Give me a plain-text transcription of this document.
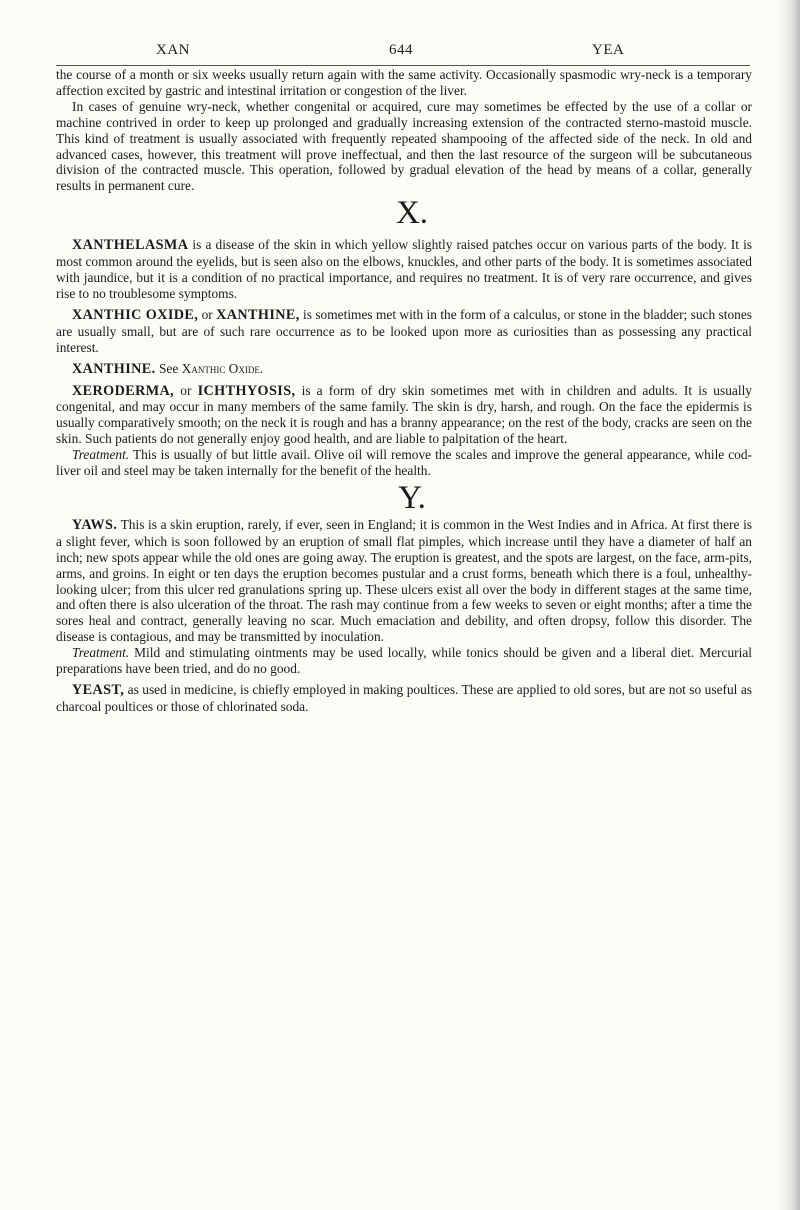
XAN	644	YEA

the course of a month or six weeks usually return again with the same activity. Occasionally spasmodic wry-neck is a temporary affection excited by gastric and intestinal irritation or congestion of the liver.

In cases of genuine wry-neck, whether congenital or acquired, cure may sometimes be effected by the use of a collar or machine contrived in order to keep up prolonged and gradually increasing extension of the contracted sterno-mastoid muscle. This kind of treatment is usually associated with frequently repeated shampooing of the affected side of the neck. In old and advanced cases, however, this treatment will prove ineffectual, and then the last resource of the surgeon will be subcutaneous division of the contracted muscle. This operation, followed by gradual elevation of the head by means of a collar, generally results in permanent cure.

X.

XANTHELASMA is a disease of the skin in which yellow slightly raised patches occur on various parts of the body. It is most common around the eyelids, but is seen also on the elbows, knuckles, and other parts of the body. It is sometimes associated with jaundice, but it is a condition of no practical importance, and requires no treatment. It is of very rare occurrence, and gives rise to no troublesome symptoms.

XANTHIC OXIDE, or XANTHINE, is sometimes met with in the form of a calculus, or stone in the bladder; such stones are usually small, but are of such rare occurrence as to be looked upon more as curiosities than as possessing any practical interest.

XANTHINE. See Xanthic Oxide.

XERODERMA, or ICHTHYOSIS, is a form of dry skin sometimes met with in children and adults. It is usually congenital, and may occur in many members of the same family. The skin is dry, harsh, and rough. On the face the epidermis is usually comparatively smooth; on the neck it is rough and has a branny appearance; on the rest of the body, cracks are seen on the skin. Such patients do not generally enjoy good health, and are liable to palpitation of the heart.

Treatment. This is usually of but little avail. Olive oil will remove the scales and improve the general appearance, while cod-liver oil and steel may be taken internally for the benefit of the health.

Y.

YAWS. This is a skin eruption, rarely, if ever, seen in England; it is common in the West Indies and in Africa. At first there is a slight fever, which is soon followed by an eruption of small flat pimples, which increase until they have a diameter of half an inch; new spots appear while the old ones are going away. The eruption is greatest, and the spots are largest, on the face, arm-pits, arms, and groins. In eight or ten days the eruption becomes pustular and a crust forms, beneath which there is a foul, unhealthy-looking ulcer; from this ulcer red granulations spring up. These ulcers exist all over the body in different stages at the same time, and often there is also ulceration of the throat. The rash may continue from a few weeks to seven or eight months; after a time the sores heal and contract, generally leaving no scar. Much emaciation and debility, and often dropsy, follow this disorder. The disease is contagious, and may be transmitted by inoculation.

Treatment. Mild and stimulating ointments may be used locally, while tonics should be given and a liberal diet. Mercurial preparations have been tried, and do no good.

YEAST, as used in medicine, is chiefly employed in making poultices. These are applied to old sores, but are not so useful as charcoal poultices or those of chlorinated soda.
